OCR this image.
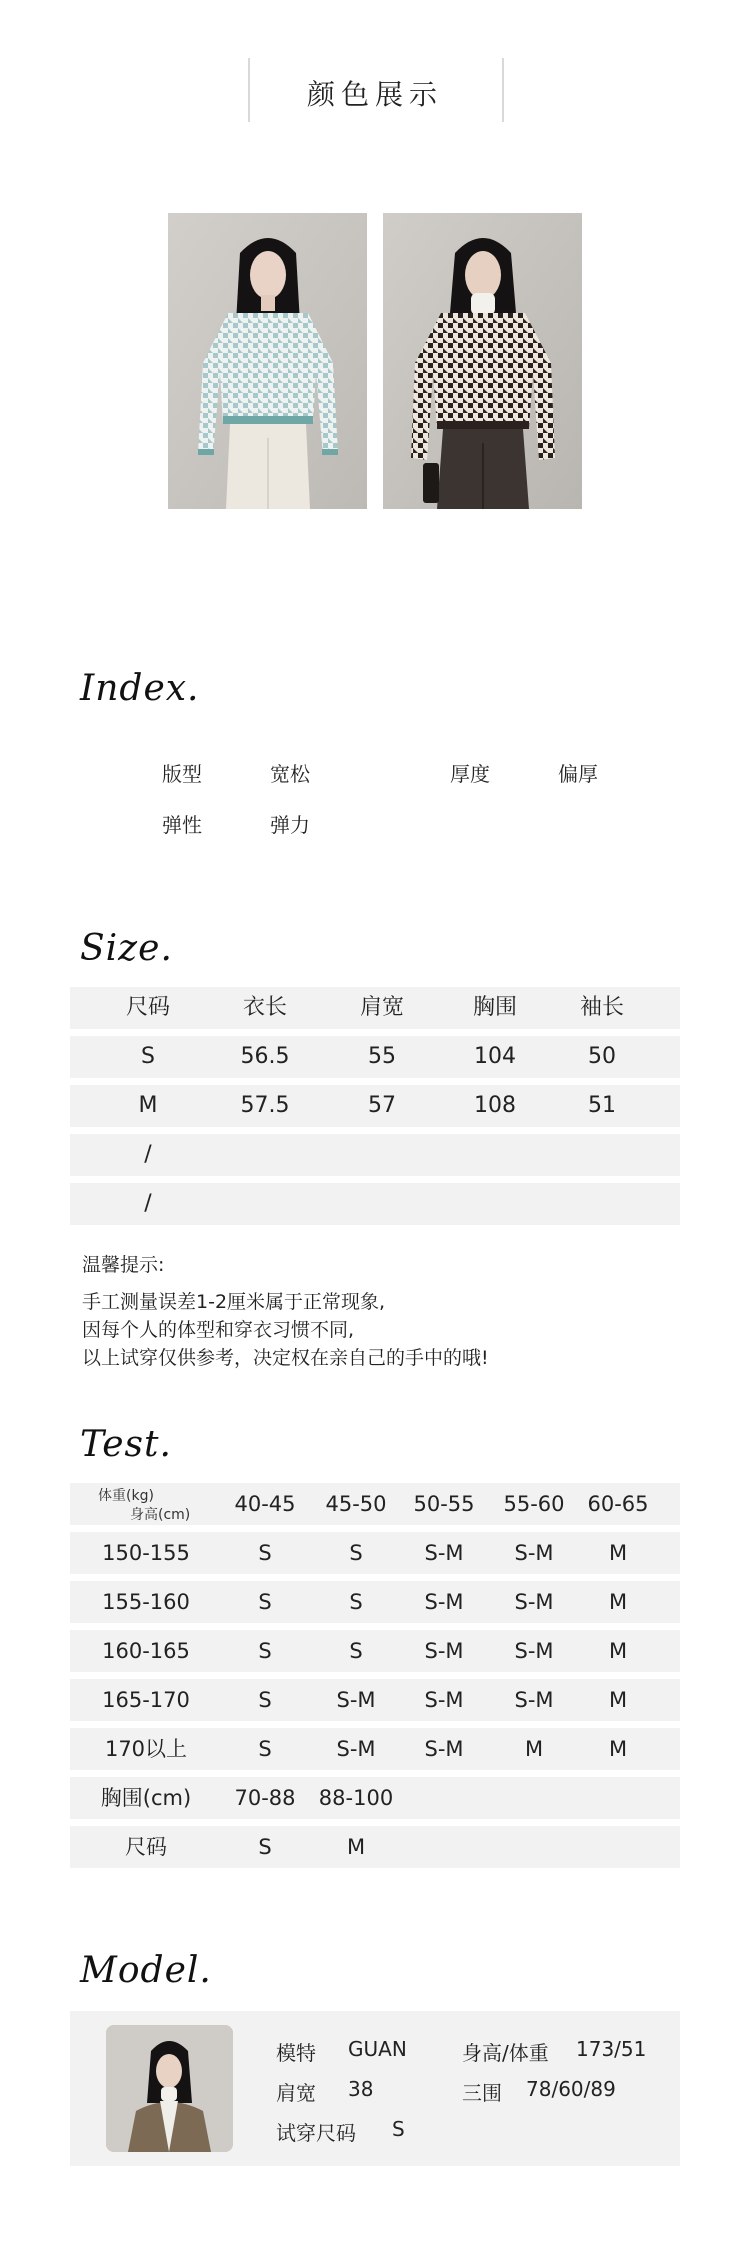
颜色展示
Index.
版型	宽松	厚度	偏厚
弹性	弹力
Size.
尺码	衣长	肩宽	胸围	袖长
S	56.5	55	104	50
M	57.5	57	108	51
/
/
温馨提示:
手工测量误差1-2厘米属于正常现象,
因每个人的体型和穿衣习惯不同,
以上试穿仅供参考，决定权在亲自己的手中的哦!
Test.
体重(kg)
身高(cm) 40-45 45-50 50-55 55-60 60-65
150-155	S	S	S-M S-M	M
155-160	S	S	S-M S-M	M
160-165	S	S	S-M S-M	M
165-170	S	S-M S-M S-M	M
170以上	S	S-M S-M	M	M
胸围(cm) 70-88 88-100
尺码	S	M
Model.
模特 GUAN	身高/体重 173/51
肩宽 38	三围 78/60/89
试穿尺码 S
